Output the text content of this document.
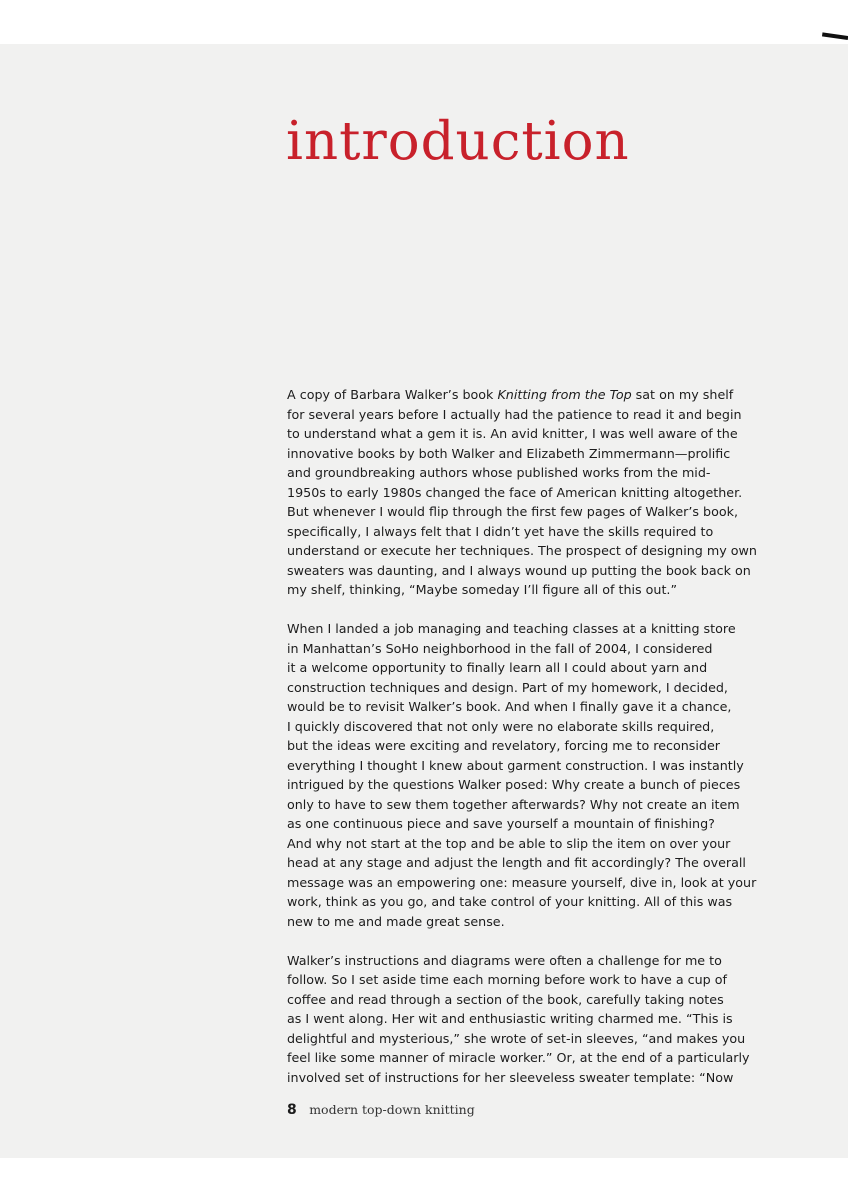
introduction
A copy of Barbara Walker’s book Knitting from the Top sat on my shelf
for several years before I actually had the patience to read it and begin
to understand what a gem it is. An avid knitter, I was well aware of the
innovative books by both Walker and Elizabeth Zimmermann—prolific
and groundbreaking authors whose published works from the mid-
1950s to early 1980s changed the face of American knitting altogether.
But whenever I would flip through the first few pages of Walker’s book,
specifically, I always felt that I didn’t yet have the skills required to
understand or execute her techniques. The prospect of designing my own
sweaters was daunting, and I always wound up putting the book back on
my shelf, thinking, “Maybe someday I’ll figure all of this out.”
When I landed a job managing and teaching classes at a knitting store
in Manhattan’s SoHo neighborhood in the fall of 2004, I considered
it a welcome opportunity to finally learn all I could about yarn and
construction techniques and design. Part of my homework, I decided,
would be to revisit Walker’s book. And when I finally gave it a chance,
I quickly discovered that not only were no elaborate skills required,
but the ideas were exciting and revelatory, forcing me to reconsider
everything I thought I knew about garment construction. I was instantly
intrigued by the questions Walker posed: Why create a bunch of pieces
only to have to sew them together afterwards? Why not create an item
as one continuous piece and save yourself a mountain of finishing?
And why not start at the top and be able to slip the item on over your
head at any stage and adjust the length and fit accordingly? The overall
message was an empowering one: measure yourself, dive in, look at your
work, think as you go, and take control of your knitting. All of this was
new to me and made great sense.
Walker’s instructions and diagrams were often a challenge for me to
follow. So I set aside time each morning before work to have a cup of
coffee and read through a section of the book, carefully taking notes
as I went along. Her wit and enthusiastic writing charmed me. “This is
delightful and mysterious,” she wrote of set-in sleeves, “and makes you
feel like some manner of miracle worker.” Or, at the end of a particularly
involved set of instructions for her sleeveless sweater template: “Now
8 modern top-down knitting
